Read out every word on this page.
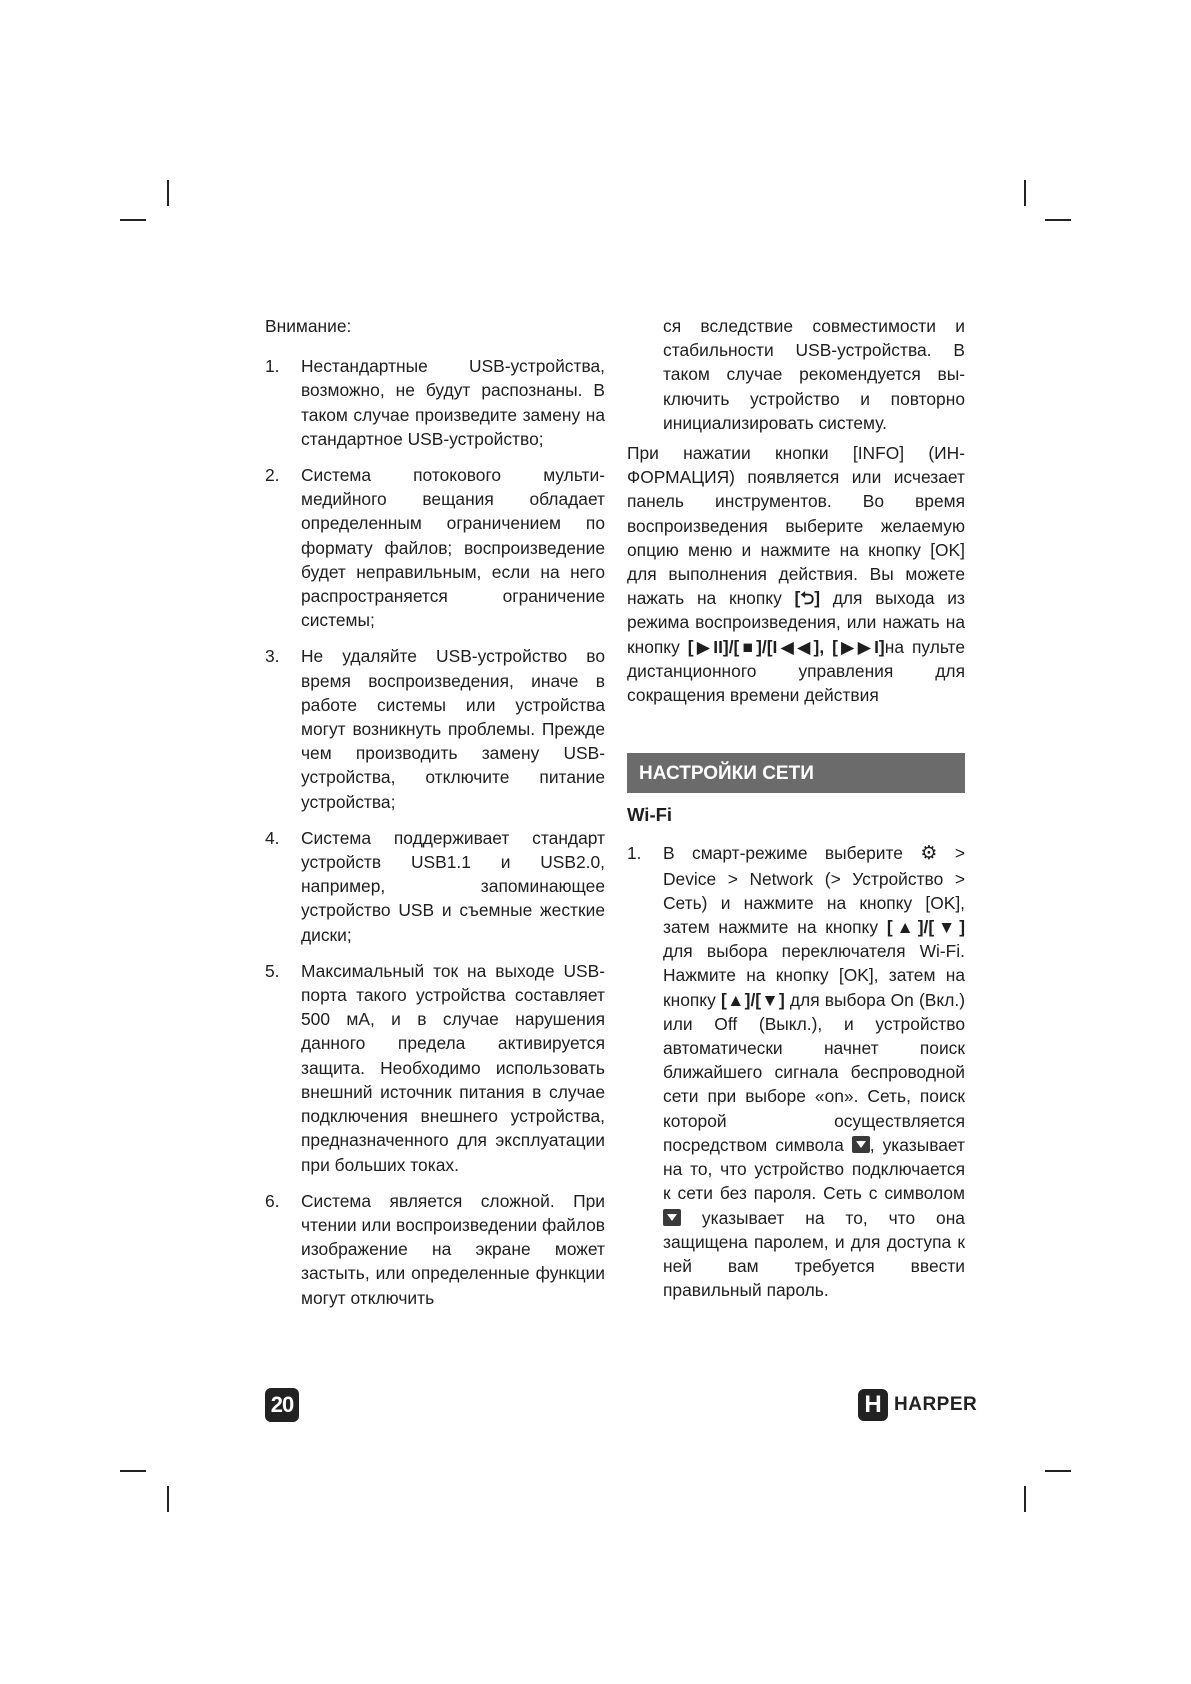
Внимание:
1. Нестандартные USB-устройства, возможно, не будут распознаны. В таком случае произведите замену на стандартное USB-устройство;
2. Система потокового мультимедийного вещания обладает определенным ограничением по формату файлов; воспроизведение будет неправильным, если на него распространяется ограничение системы;
3. Не удаляйте USB-устройство во время воспроизведения, иначе в работе системы или устройства могут возникнуть проблемы. Прежде чем производить замену USB-устройства, отключите питание устройства;
4. Система поддерживает стандарт устройств USB1.1 и USB2.0, например, запоминающее устройство USB и съемные жесткие диски;
5. Максимальный ток на выходе USB-порта такого устройства составляет 500 мА, и в случае нарушения данного предела активируется защита. Необходимо использовать внешний источник питания в случае подключения внешнего устройства, предназначенного для эксплуатации при больших токах.
6. Система является сложной. При чтении или воспроизведении файлов изображение на экране может застыть, или определенные функции могут отключить
ся вследствие совместимости и стабильности USB-устройства. В таком случае рекомендуется выключить устройство и повторно инициализировать систему.

При нажатии кнопки [INFO] (ИНФОРМАЦИЯ) появляется или исчезает панель инструментов. Во время воспроизведения выберите желаемую опцию меню и нажмите на кнопку [OK] для выполнения действия. Вы можете нажать на кнопку [⮌] для выхода из режима воспроизведения, или нажать на кнопку [▶II]/[■]/[I◀◀], [▶▶I]на пульте дистанционного управления для сокращения времени действия

НАСТРОЙКИ СЕТИ
Wi-Fi
1. В смарт-режиме выберите ⚙ > Device > Network (> Устройство > Сеть) и нажмите на кнопку [OK], затем нажмите на кнопку [▲]/[▼] для выбора переключателя Wi-Fi. Нажмите на кнопку [OK], затем на кнопку [▲]/[▼] для выбора On (Вкл.) или Off (Выкл.), и устройство автоматически начнет поиск ближайшего сигнала беспроводной сети при выборе «on». Сеть, поиск которой осуществляется посредством символа , указывает на то, что устройство подключается к сети без пароля. Сеть с символом  указывает на то, что она защищена паролем, и для доступа к ней вам требуется ввести правильный пароль.
20	H HARPER
